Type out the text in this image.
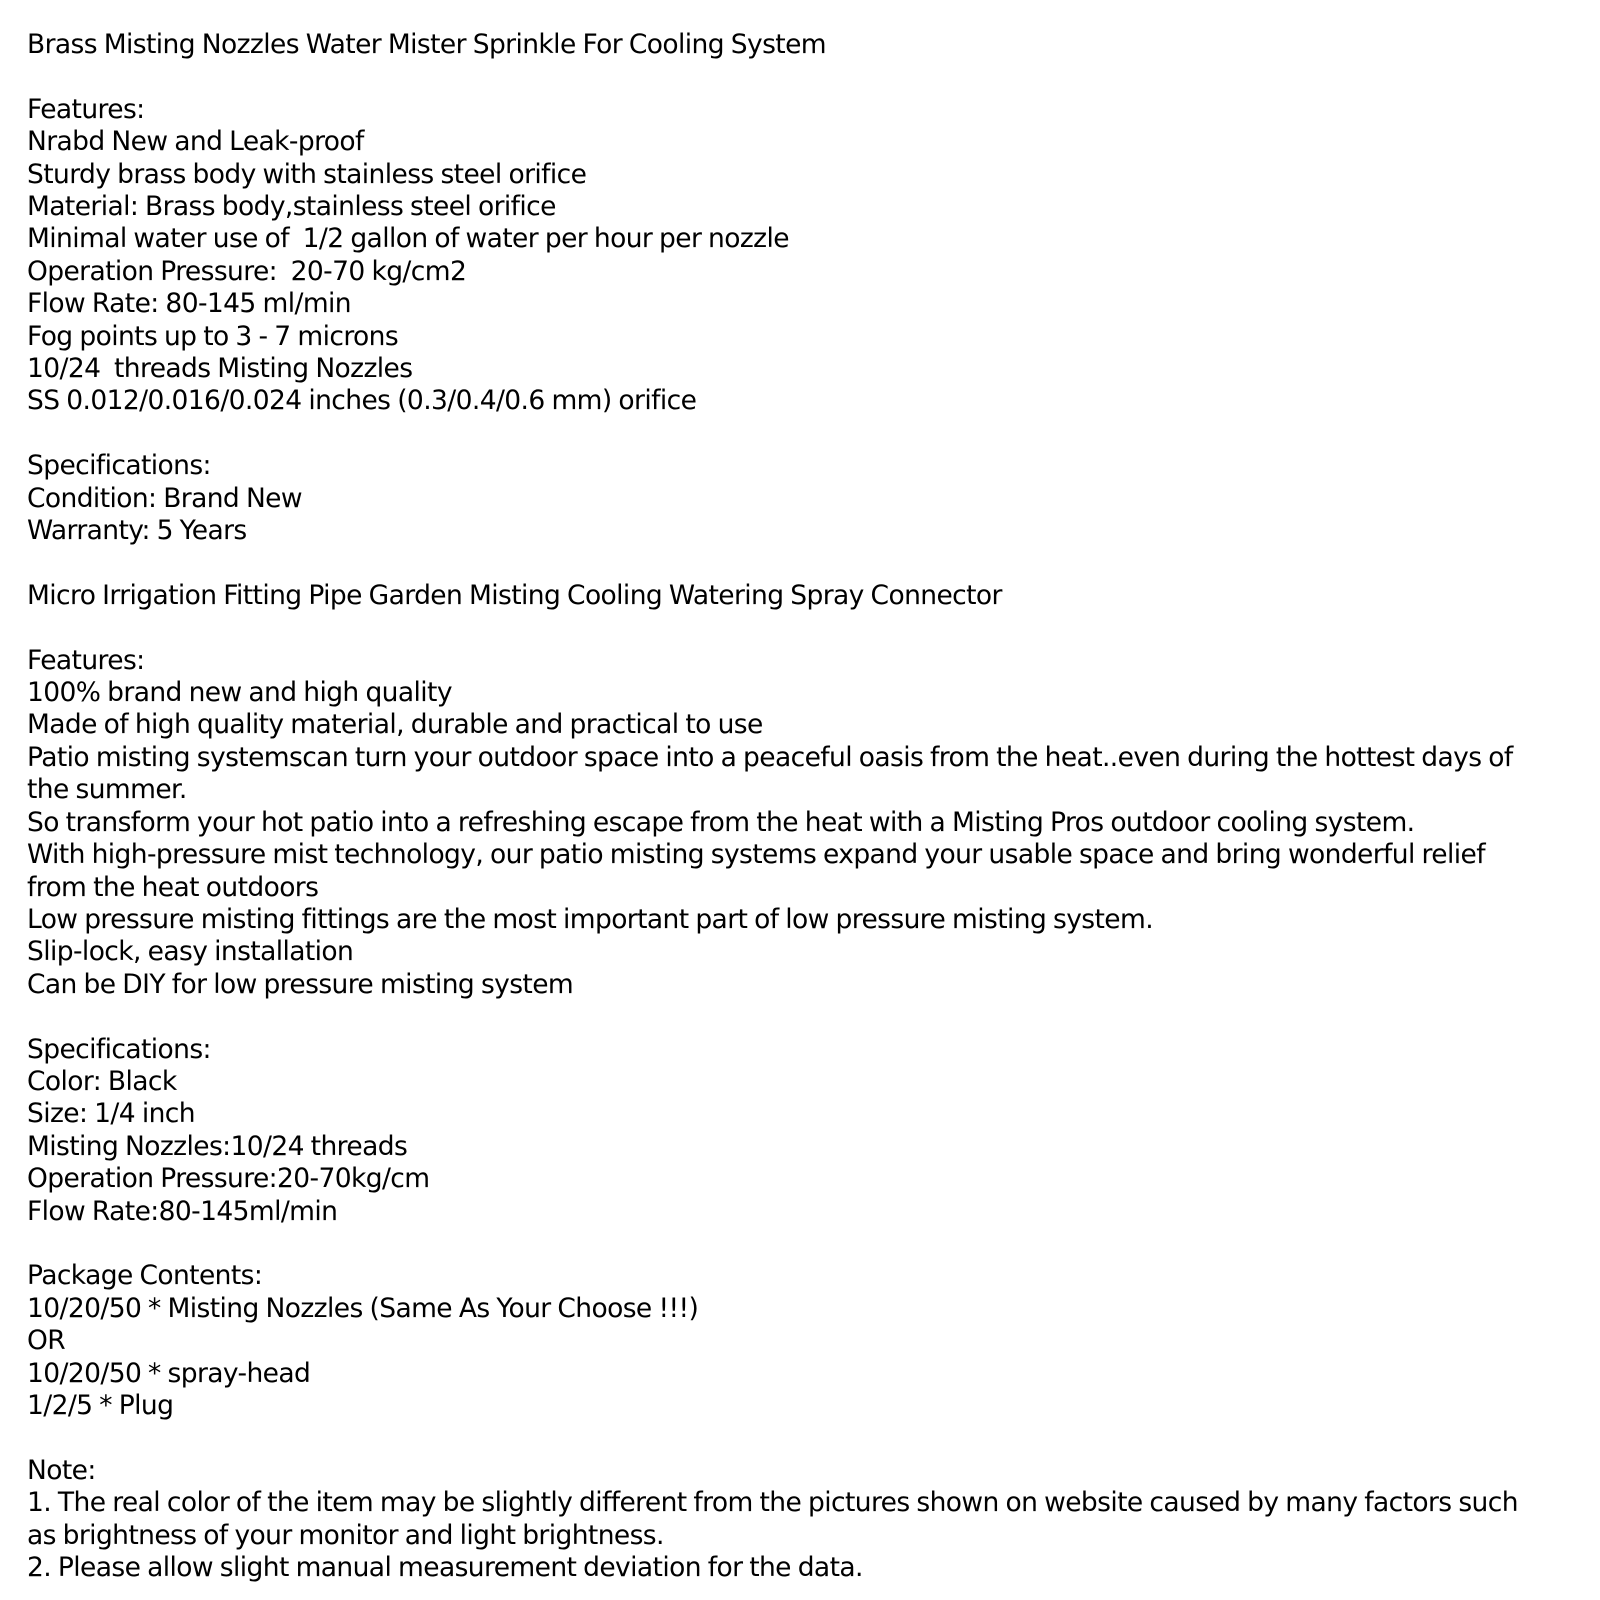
Brass Misting Nozzles Water Mister Sprinkle For Cooling System
Features:
Nrabd New and Leak-proof
Sturdy brass body with stainless steel orifice
Material: Brass body,stainless steel orifice
Minimal water use of  1/2 gallon of water per hour per nozzle
Operation Pressure:  20-70 kg/cm2
Flow Rate: 80-145 ml/min
Fog points up to 3 - 7 microns
10/24  threads Misting Nozzles
SS 0.012/0.016/0.024 inches (0.3/0.4/0.6 mm) orifice
Specifications:
Condition: Brand New
Warranty: 5 Years
Micro Irrigation Fitting Pipe Garden Misting Cooling Watering Spray Connector
Features:
100% brand new and high quality
Made of high quality material, durable and practical to use
Patio misting systemscan turn your outdoor space into a peaceful oasis from the heat..even during the hottest days of the summer.
So transform your hot patio into a refreshing escape from the heat with a Misting Pros outdoor cooling system.
With high-pressure mist technology, our patio misting systems expand your usable space and bring wonderful relief from the heat outdoors
Low pressure misting fittings are the most important part of low pressure misting system.
Slip-lock, easy installation
Can be DIY for low pressure misting system
Specifications:
Color: Black
Size: 1/4 inch
Misting Nozzles:10/24 threads
Operation Pressure:20-70kg/cm
Flow Rate:80-145ml/min
Package Contents:
10/20/50 * Misting Nozzles (Same As Your Choose !!!)
OR
10/20/50 * spray-head
1/2/5 * Plug
Note:
1. The real color of the item may be slightly different from the pictures shown on website caused by many factors such as brightness of your monitor and light brightness.
2. Please allow slight manual measurement deviation for the data.
